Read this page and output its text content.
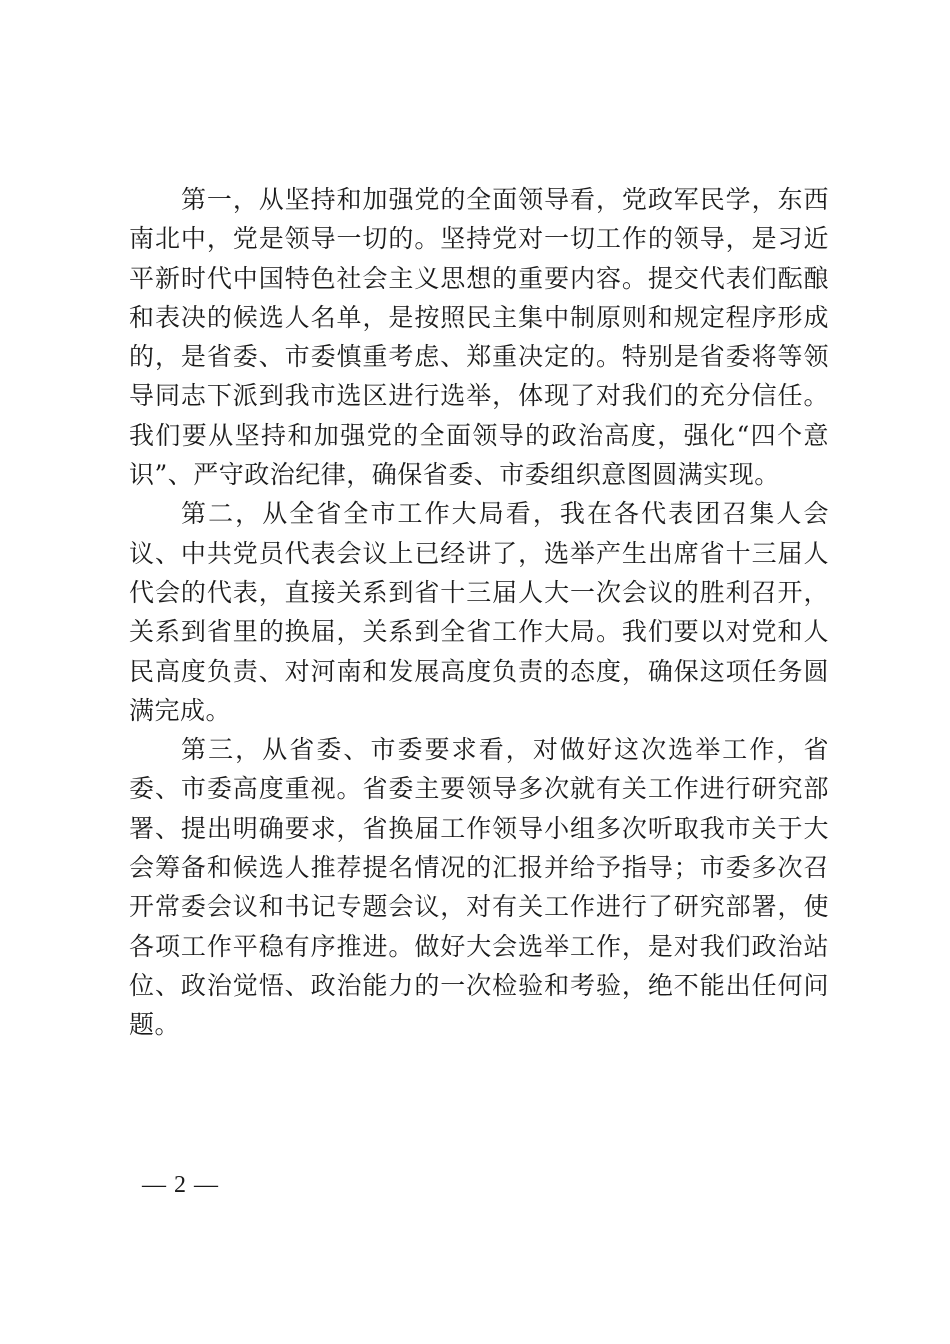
第一，从坚持和加强党的全面领导看，党政军民学，东西南北中，党是领导一切的。坚持党对一切工作的领导，是习近平新时代中国特色社会主义思想的重要内容。提交代表们酝酿和表决的候选人名单，是按照民主集中制原则和规定程序形成的，是省委、市委慎重考虑、郑重决定的。特别是省委将等领导同志下派到我市选区进行选举，体现了对我们的充分信任。我们要从坚持和加强党的全面领导的政治高度，强化“四个意识”、严守政治纪律，确保省委、市委组织意图圆满实现。

第二，从全省全市工作大局看，我在各代表团召集人会议、中共党员代表会议上已经讲了，选举产生出席省十三届人代会的代表，直接关系到省十三届人大一次会议的胜利召开，关系到省里的换届，关系到全省工作大局。我们要以对党和人民高度负责、对河南和发展高度负责的态度，确保这项任务圆满完成。

第三，从省委、市委要求看，对做好这次选举工作，省委、市委高度重视。省委主要领导多次就有关工作进行研究部署、提出明确要求，省换届工作领导小组多次听取我市关于大会筹备和候选人推荐提名情况的汇报并给予指导；市委多次召开常委会议和书记专题会议，对有关工作进行了研究部署，使各项工作平稳有序推进。做好大会选举工作，是对我们政治站位、政治觉悟、政治能力的一次检验和考验，绝不能出任何问题。

— 2 —
